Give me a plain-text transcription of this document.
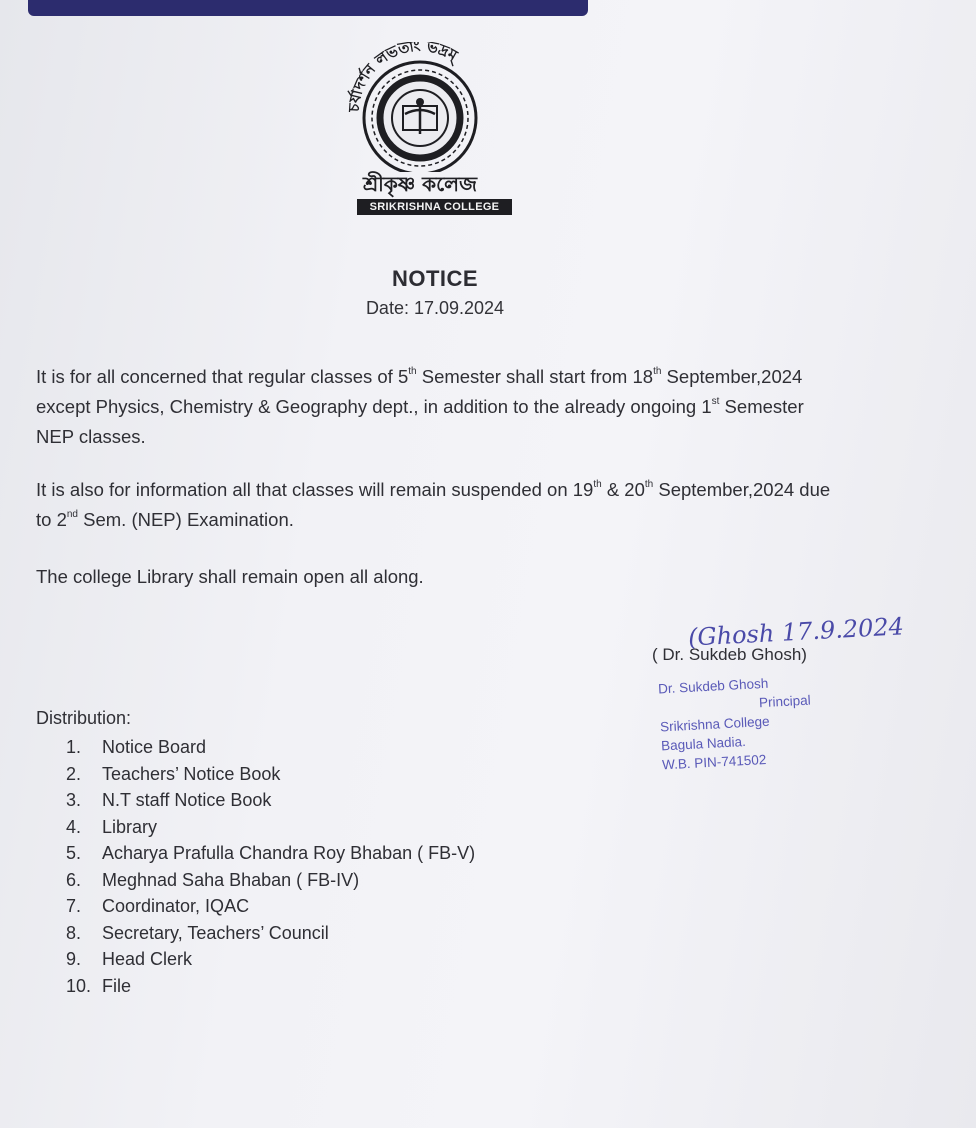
চর্যাদর্শন লভতাং ভদ্রম্
শ্রীকৃষ্ণ কলেজ
SRIKRISHNA COLLEGE
NOTICE
Date: 17.09.2024
It is for all concerned that regular classes of 5th Semester shall start from 18th September,2024 except Physics, Chemistry & Geography dept., in addition to the already ongoing 1st Semester NEP classes.
It is also for information all that classes will remain suspended on 19th & 20th September,2024 due to 2nd Sem. (NEP) Examination.
The college Library shall remain open all along.
(Ghosh 17.9.2024
( Dr. Sukdeb Ghosh)
Dr. Sukdeb Ghosh
Principal
Srikrishna College
Bagula Nadia.
W.B. PIN-741502
Distribution:
1. Notice Board
2. Teachers’ Notice Book
3. N.T staff Notice Book
4. Library
5. Acharya Prafulla Chandra Roy Bhaban ( FB-V)
6. Meghnad Saha Bhaban ( FB-IV)
7. Coordinator, IQAC
8. Secretary, Teachers’ Council
9. Head Clerk
10. File
